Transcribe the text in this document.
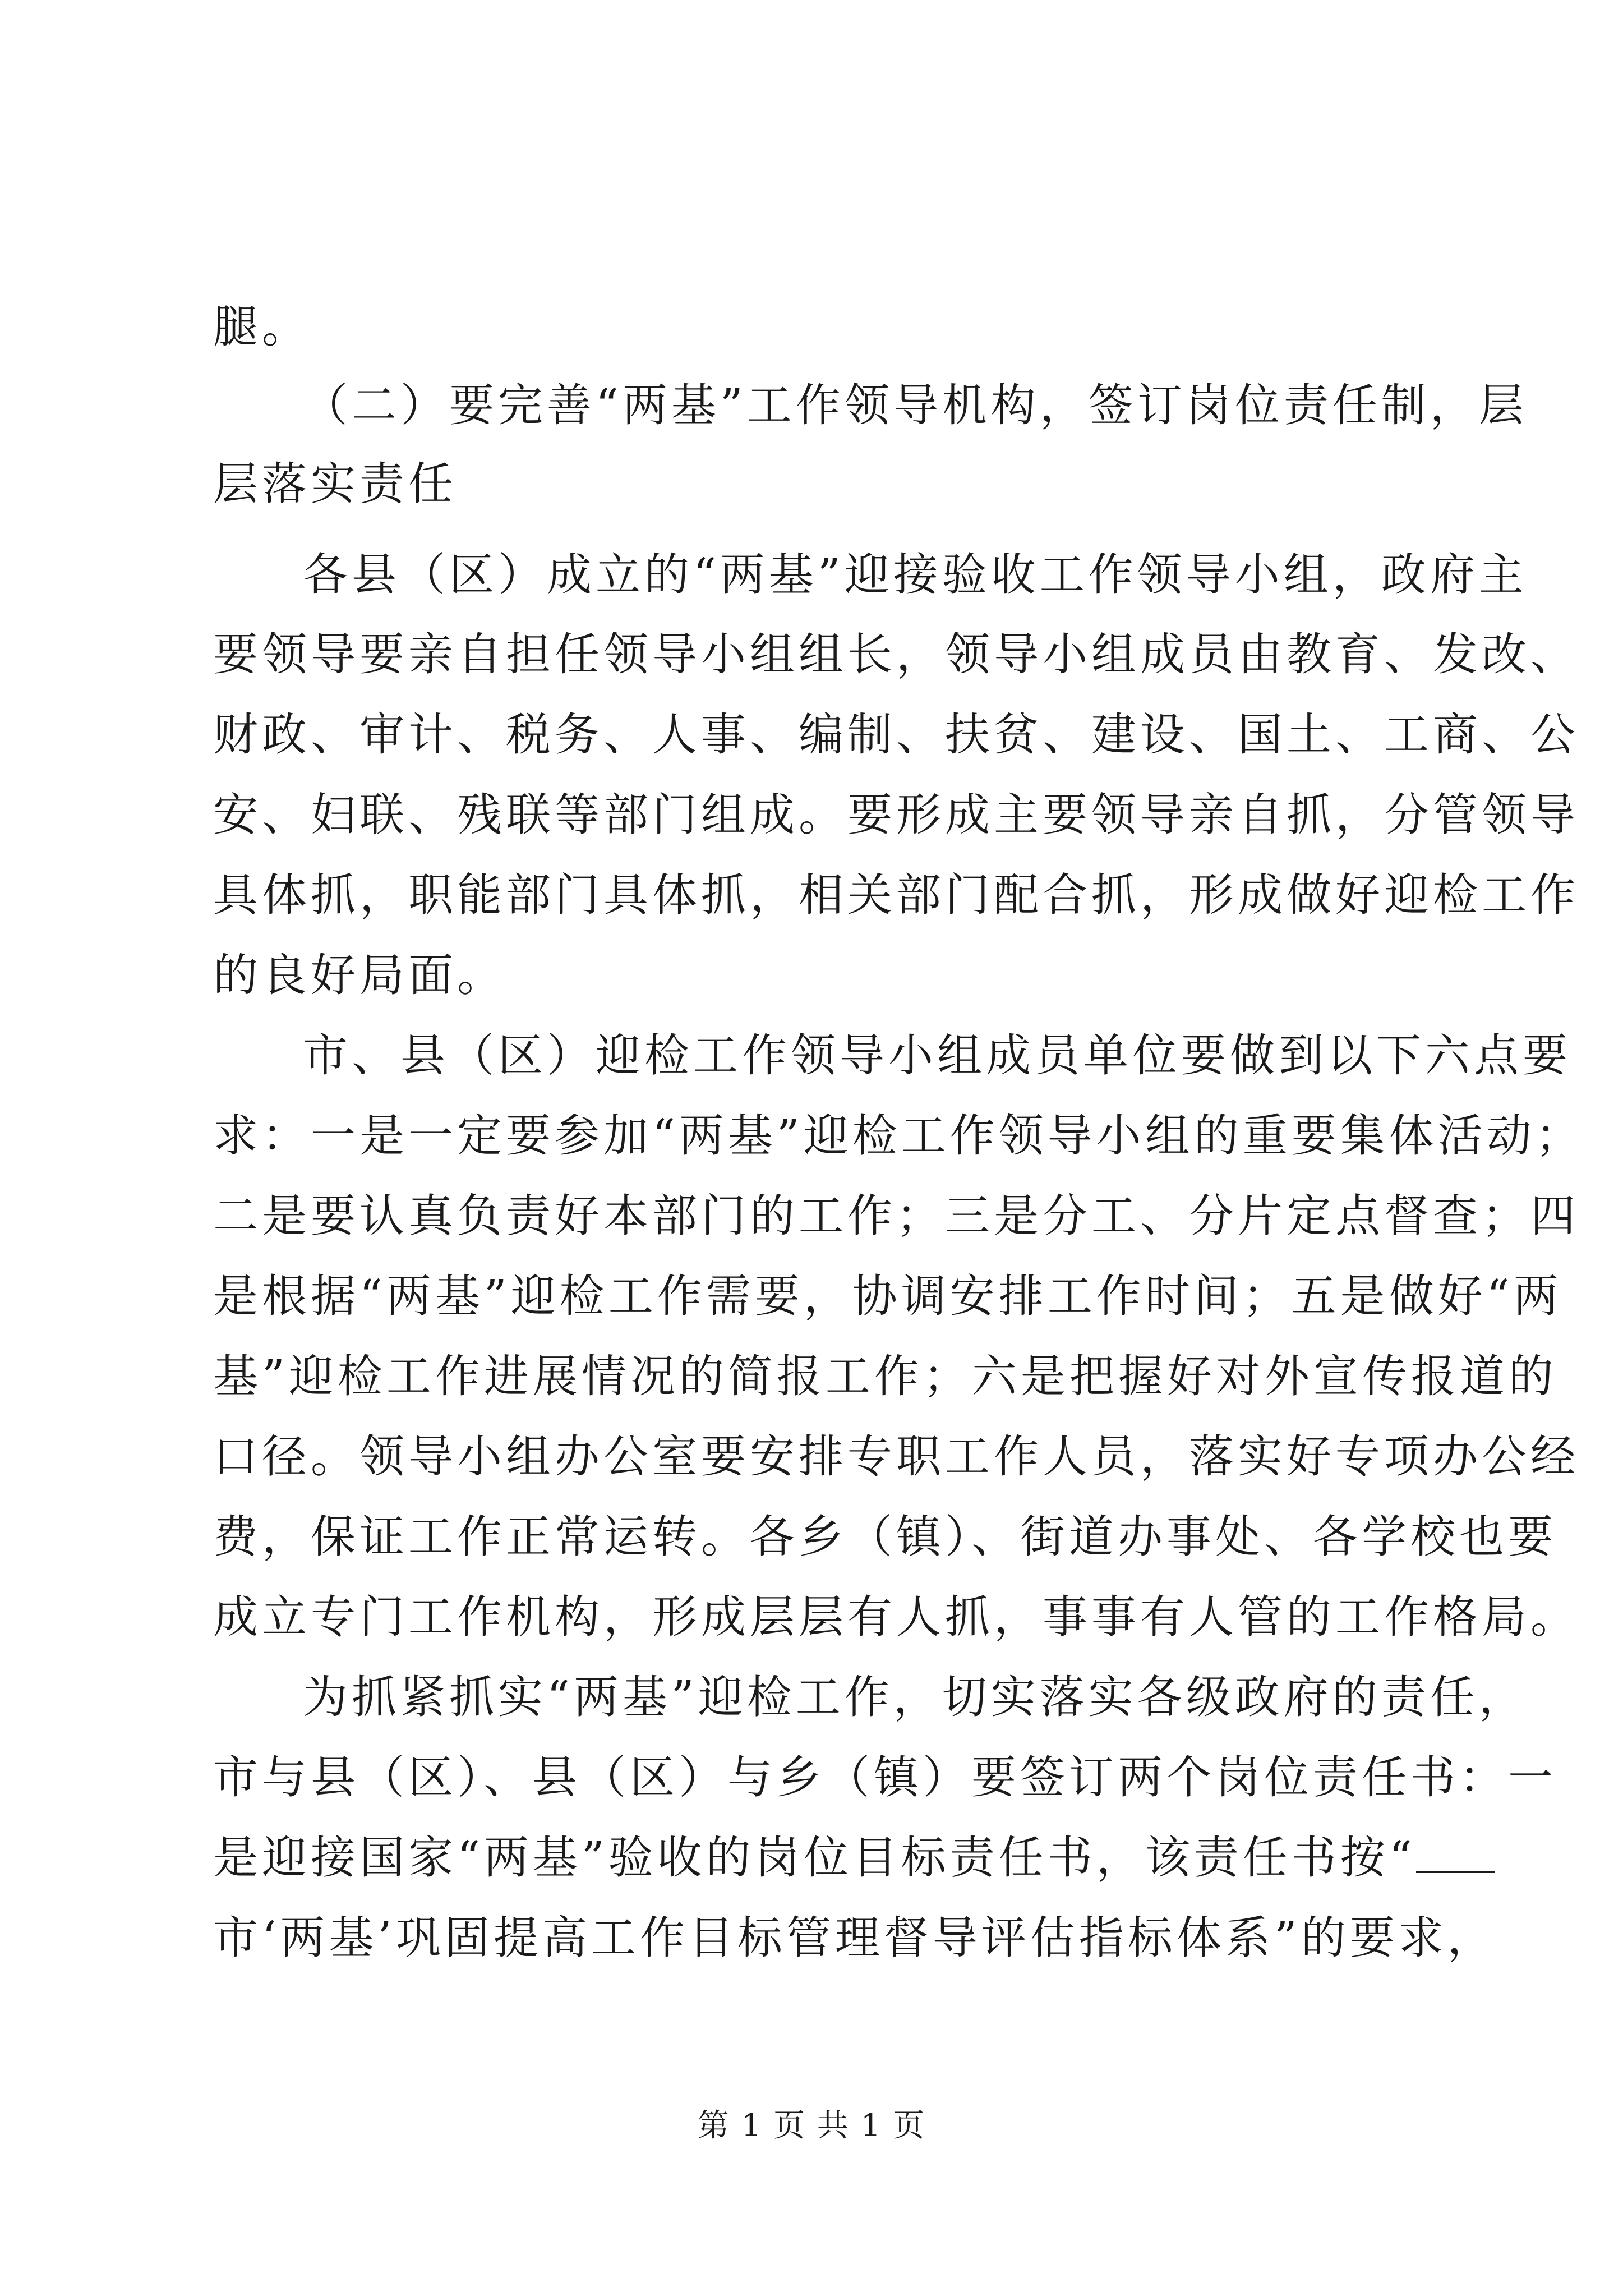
腿。
（二）要完善“两基”工作领导机构，签订岗位责任制，层
层落实责任
各县（区）成立的“两基”迎接验收工作领导小组，政府主
要领导要亲自担任领导小组组长，领导小组成员由教育、发改、
财政、审计、税务、人事、编制、扶贫、建设、国土、工商、公
安、妇联、残联等部门组成。要形成主要领导亲自抓，分管领导
具体抓，职能部门具体抓，相关部门配合抓，形成做好迎检工作
的良好局面。
市、县（区）迎检工作领导小组成员单位要做到以下六点要
求：一是一定要参加“两基”迎检工作领导小组的重要集体活动；
二是要认真负责好本部门的工作；三是分工、分片定点督查；四
是根据“两基”迎检工作需要，协调安排工作时间；五是做好“两
基”迎检工作进展情况的简报工作；六是把握好对外宣传报道的
口径。领导小组办公室要安排专职工作人员，落实好专项办公经
费，保证工作正常运转。各乡（镇）、街道办事处、各学校也要
成立专门工作机构，形成层层有人抓，事事有人管的工作格局。
为抓紧抓实“两基”迎检工作，切实落实各级政府的责任，
市与县（区）、县（区）与乡（镇）要签订两个岗位责任书：一
是迎接国家“两基”验收的岗位目标责任书，该责任书按“
市‘两基’巩固提高工作目标管理督导评估指标体系”的要求，
第 1 页 共 1 页
